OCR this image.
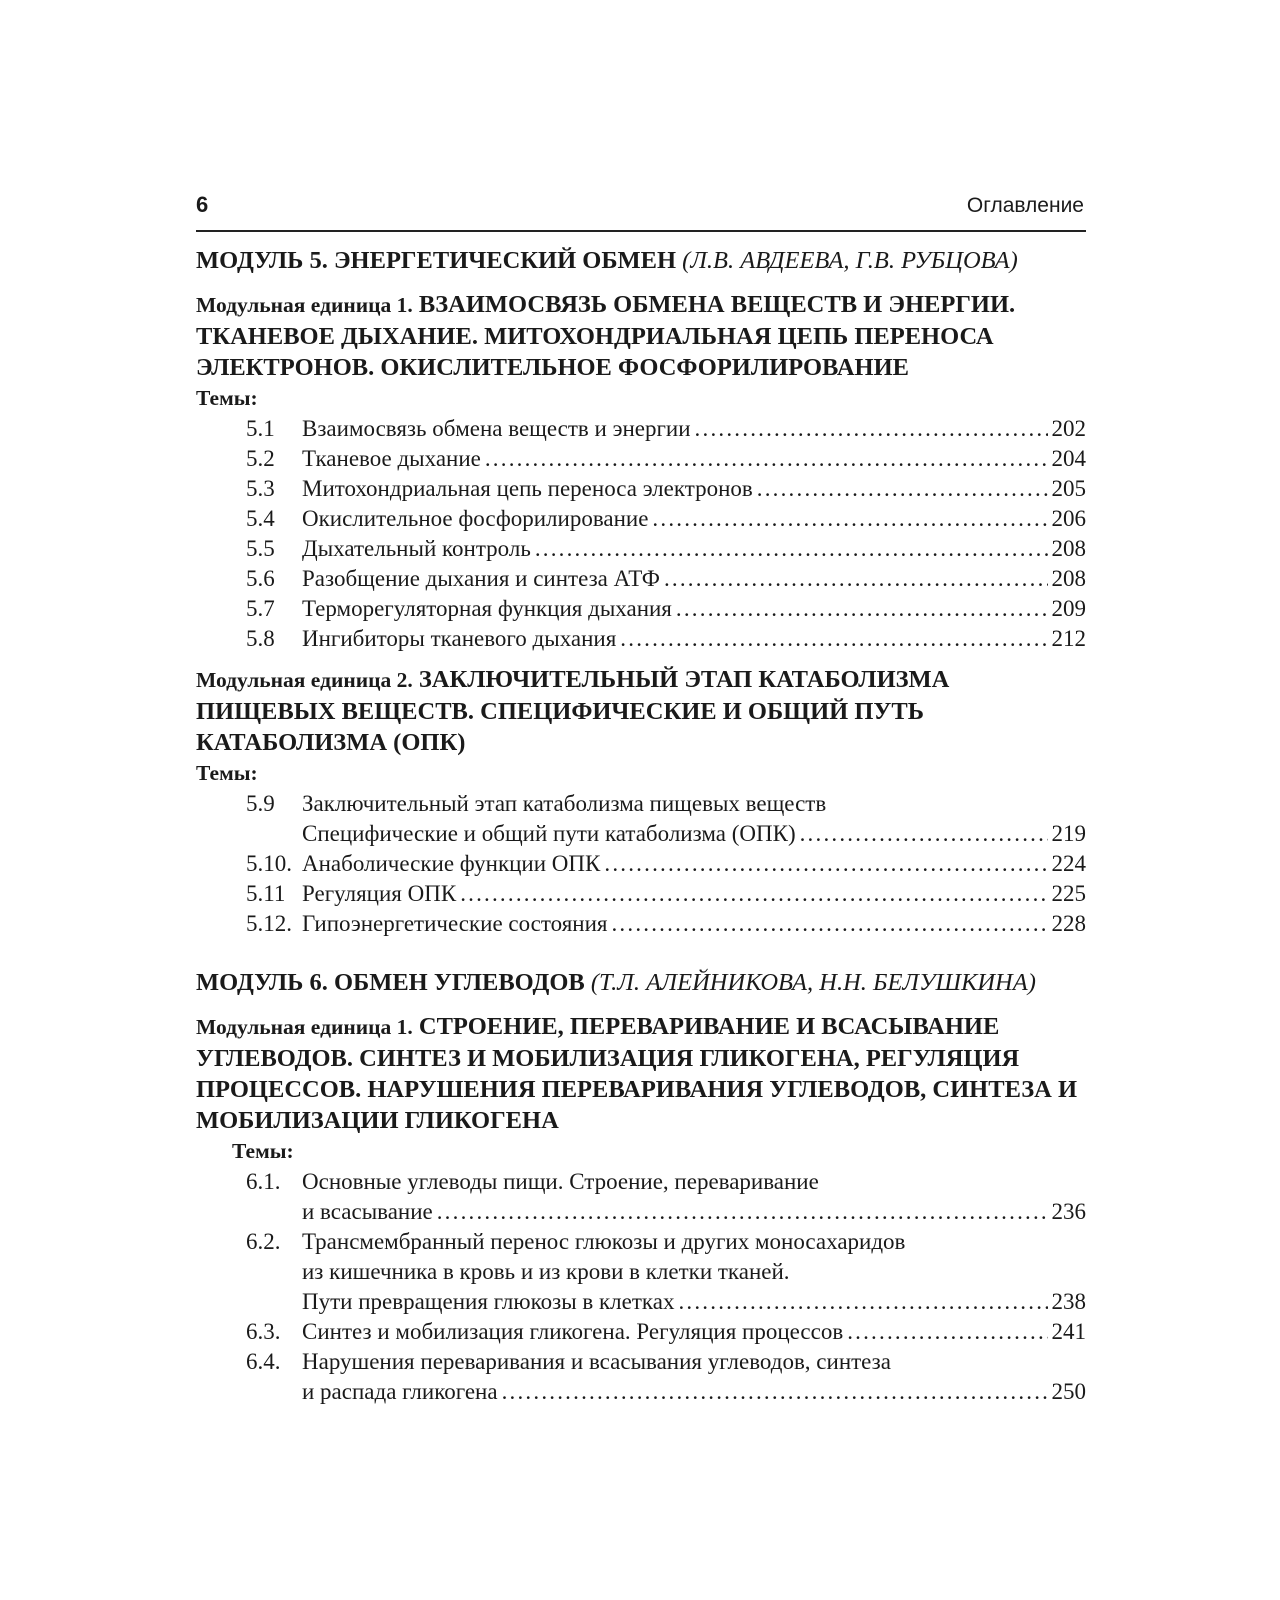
6	Оглавление
МОДУЛЬ 5. ЭНЕРГЕТИЧЕСКИЙ ОБМЕН (Л.В. АВДЕЕВА, Г.В. РУБЦОВА)
Модульная единица 1. ВЗАИМОСВЯЗЬ ОБМЕНА ВЕЩЕСТВ И ЭНЕРГИИ. ТКАНЕВОЕ ДЫХАНИЕ. МИТОХОНДРИАЛЬНАЯ ЦЕПЬ ПЕРЕНОСА ЭЛЕКТРОНОВ. ОКИСЛИТЕЛЬНОЕ ФОСФОРИЛИРОВАНИЕ
Темы:
5.1	Взаимосвязь обмена веществ и энергии .....	202
5.2	Тканевое дыхание .....	204
5.3	Митохондриальная цепь переноса электронов .....	205
5.4	Окислительное фосфорилирование .....	206
5.5	Дыхательный контроль .....	208
5.6	Разобщение дыхания и синтеза АТФ .....	208
5.7	Терморегуляторная функция дыхания .....	209
5.8	Ингибиторы тканевого дыхания .....	212
Модульная единица 2. ЗАКЛЮЧИТЕЛЬНЫЙ ЭТАП КАТАБОЛИЗМА ПИЩЕВЫХ ВЕЩЕСТВ. СПЕЦИФИЧЕСКИЕ И ОБЩИЙ ПУТЬ КАТАБОЛИЗМА (ОПК)
Темы:
5.9	Заключительный этап катаболизма пищевых веществ
Специфические и общий пути катаболизма (ОПК) .....	219
5.10. Анаболические функции ОПК .....	224
5.11 Регуляция ОПК .....	225
5.12. Гипоэнергетические состояния .....	228
МОДУЛЬ 6. ОБМЕН УГЛЕВОДОВ (Т.Л. АЛЕЙНИКОВА, Н.Н. БЕЛУШКИНА)
Модульная единица 1. СТРОЕНИЕ, ПЕРЕВАРИВАНИЕ И ВСАСЫВАНИЕ УГЛЕВОДОВ. СИНТЕЗ И МОБИЛИЗАЦИЯ ГЛИКОГЕНА, РЕГУЛЯЦИЯ ПРОЦЕССОВ. НАРУШЕНИЯ ПЕРЕВАРИВАНИЯ УГЛЕВОДОВ, СИНТЕЗА И МОБИЛИЗАЦИИ ГЛИКОГЕНА
Темы:
6.1. Основные углеводы пищи. Строение, переваривание
и всасывание .....	236
6.2. Трансмембранный перенос глюкозы и других моносахаридов
из кишечника в кровь и из крови в клетки тканей.
Пути превращения глюкозы в клетках .....	238
6.3. Синтез и мобилизация гликогена. Регуляция процессов .....	241
6.4. Нарушения переваривания и всасывания углеводов, синтеза
и распада гликогена .....	250
